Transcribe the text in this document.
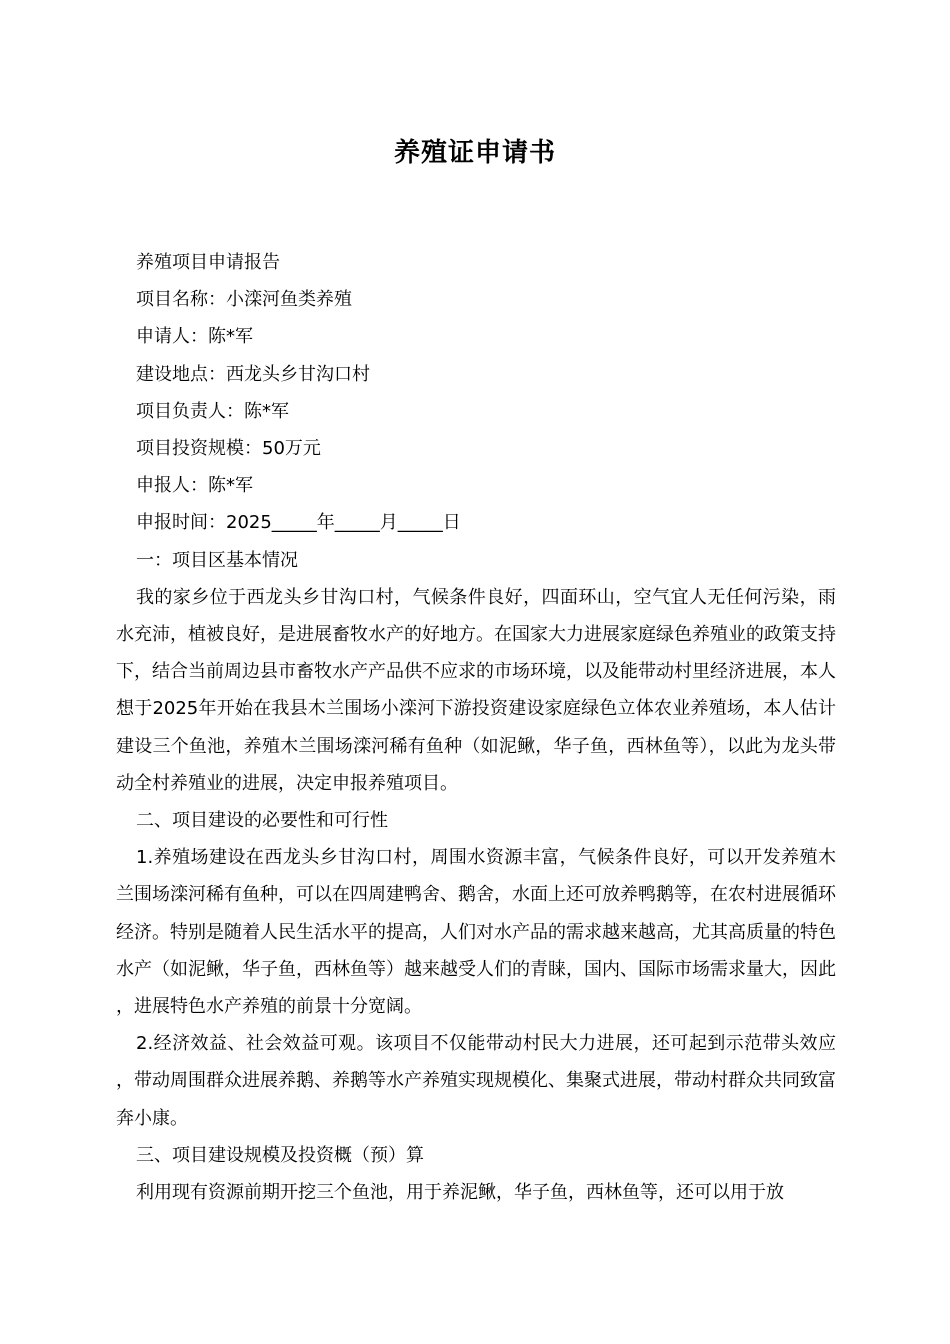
养殖证申请书

养殖项目申请报告

项目名称：小滦河鱼类养殖

申请人：陈*军

建设地点：西龙头乡甘沟口村

项目负责人：陈*军

项目投资规模：50万元

申报人：陈*军

申报时间：2025_____年_____月_____日

一：项目区基本情况

我的家乡位于西龙头乡甘沟口村，气候条件良好，四面环山，空气宜人无任何污染，雨水充沛，植被良好，是进展畜牧水产的好地方。在国家大力进展家庭绿色养殖业的政策支持下，结合当前周边县市畜牧水产产品供不应求的市场环境，以及能带动村里经济进展，本人想于2025年开始在我县木兰围场小滦河下游投资建设家庭绿色立体农业养殖场，本人估计建设三个鱼池，养殖木兰围场滦河稀有鱼种（如泥鳅，华子鱼，西林鱼等），以此为龙头带动全村养殖业的进展，决定申报养殖项目。

二、项目建设的必要性和可行性

1.养殖场建设在西龙头乡甘沟口村，周围水资源丰富，气候条件良好，可以开发养殖木兰围场滦河稀有鱼种，可以在四周建鸭舍、鹅舍，水面上还可放养鸭鹅等，在农村进展循环经济。特别是随着人民生活水平的提高，人们对水产品的需求越来越高，尤其高质量的特色水产（如泥鳅，华子鱼，西林鱼等）越来越受人们的青睐，国内、国际市场需求量大，因此，进展特色水产养殖的前景十分宽阔。

2.经济效益、社会效益可观。该项目不仅能带动村民大力进展，还可起到示范带头效应，带动周围群众进展养鹅、养鹅等水产养殖实现规模化、集聚式进展，带动村群众共同致富奔小康。

三、项目建设规模及投资概（预）算

利用现有资源前期开挖三个鱼池，用于养泥鳅，华子鱼，西林鱼等，还可以用于放
